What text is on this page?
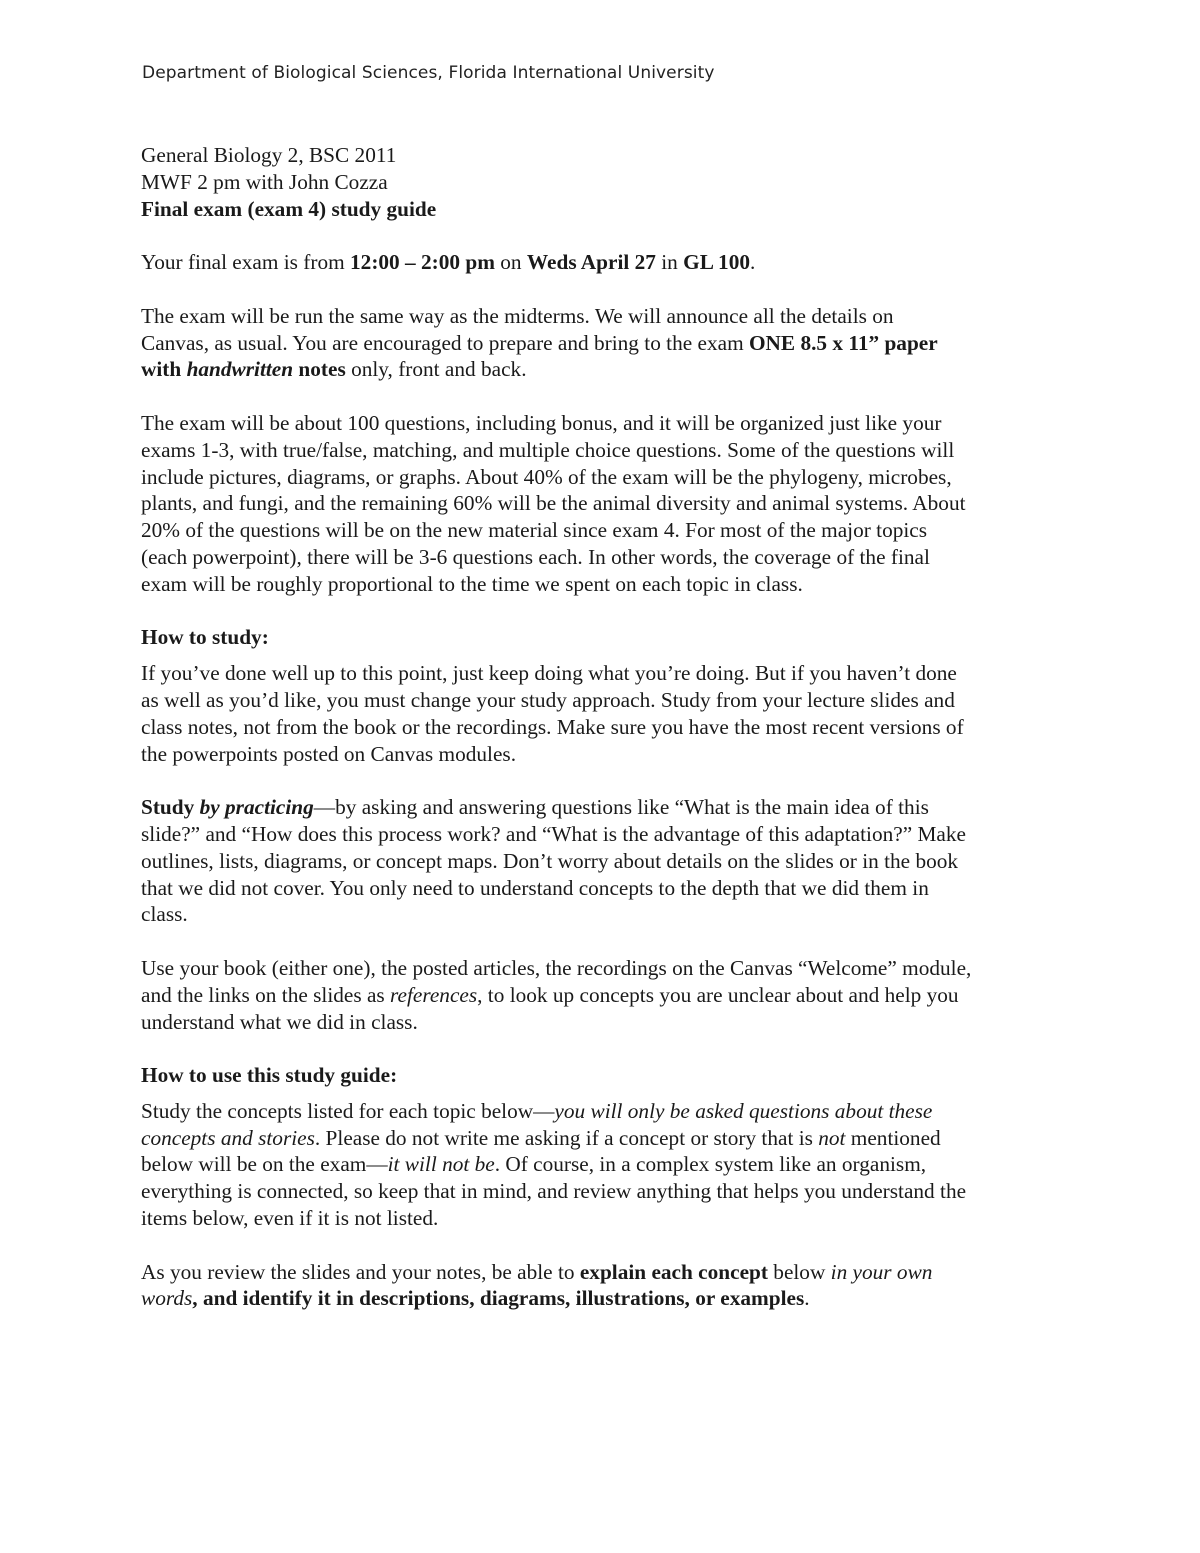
Department of Biological Sciences, Florida International University

General Biology 2, BSC 2011
MWF 2 pm with John Cozza
Final exam (exam 4) study guide

Your final exam is from 12:00 – 2:00 pm on Weds April 27 in GL 100.

The exam will be run the same way as the midterms. We will announce all the details on
Canvas, as usual. You are encouraged to prepare and bring to the exam ONE 8.5 x 11” paper
with handwritten notes only, front and back.

The exam will be about 100 questions, including bonus, and it will be organized just like your
exams 1-3, with true/false, matching, and multiple choice questions. Some of the questions will
include pictures, diagrams, or graphs. About 40% of the exam will be the phylogeny, microbes,
plants, and fungi, and the remaining 60% will be the animal diversity and animal systems. About
20% of the questions will be on the new material since exam 4. For most of the major topics
(each powerpoint), there will be 3-6 questions each. In other words, the coverage of the final
exam will be roughly proportional to the time we spent on each topic in class.

How to study:

If you’ve done well up to this point, just keep doing what you’re doing. But if you haven’t done
as well as you’d like, you must change your study approach. Study from your lecture slides and
class notes, not from the book or the recordings. Make sure you have the most recent versions of
the powerpoints posted on Canvas modules.

Study by practicing—by asking and answering questions like “What is the main idea of this
slide?” and “How does this process work? and “What is the advantage of this adaptation?” Make
outlines, lists, diagrams, or concept maps. Don’t worry about details on the slides or in the book
that we did not cover. You only need to understand concepts to the depth that we did them in
class.

Use your book (either one), the posted articles, the recordings on the Canvas “Welcome” module,
and the links on the slides as references, to look up concepts you are unclear about and help you
understand what we did in class.

How to use this study guide:

Study the concepts listed for each topic below—you will only be asked questions about these
concepts and stories. Please do not write me asking if a concept or story that is not mentioned
below will be on the exam—it will not be. Of course, in a complex system like an organism,
everything is connected, so keep that in mind, and review anything that helps you understand the
items below, even if it is not listed.

As you review the slides and your notes, be able to explain each concept below in your own
words, and identify it in descriptions, diagrams, illustrations, or examples.
